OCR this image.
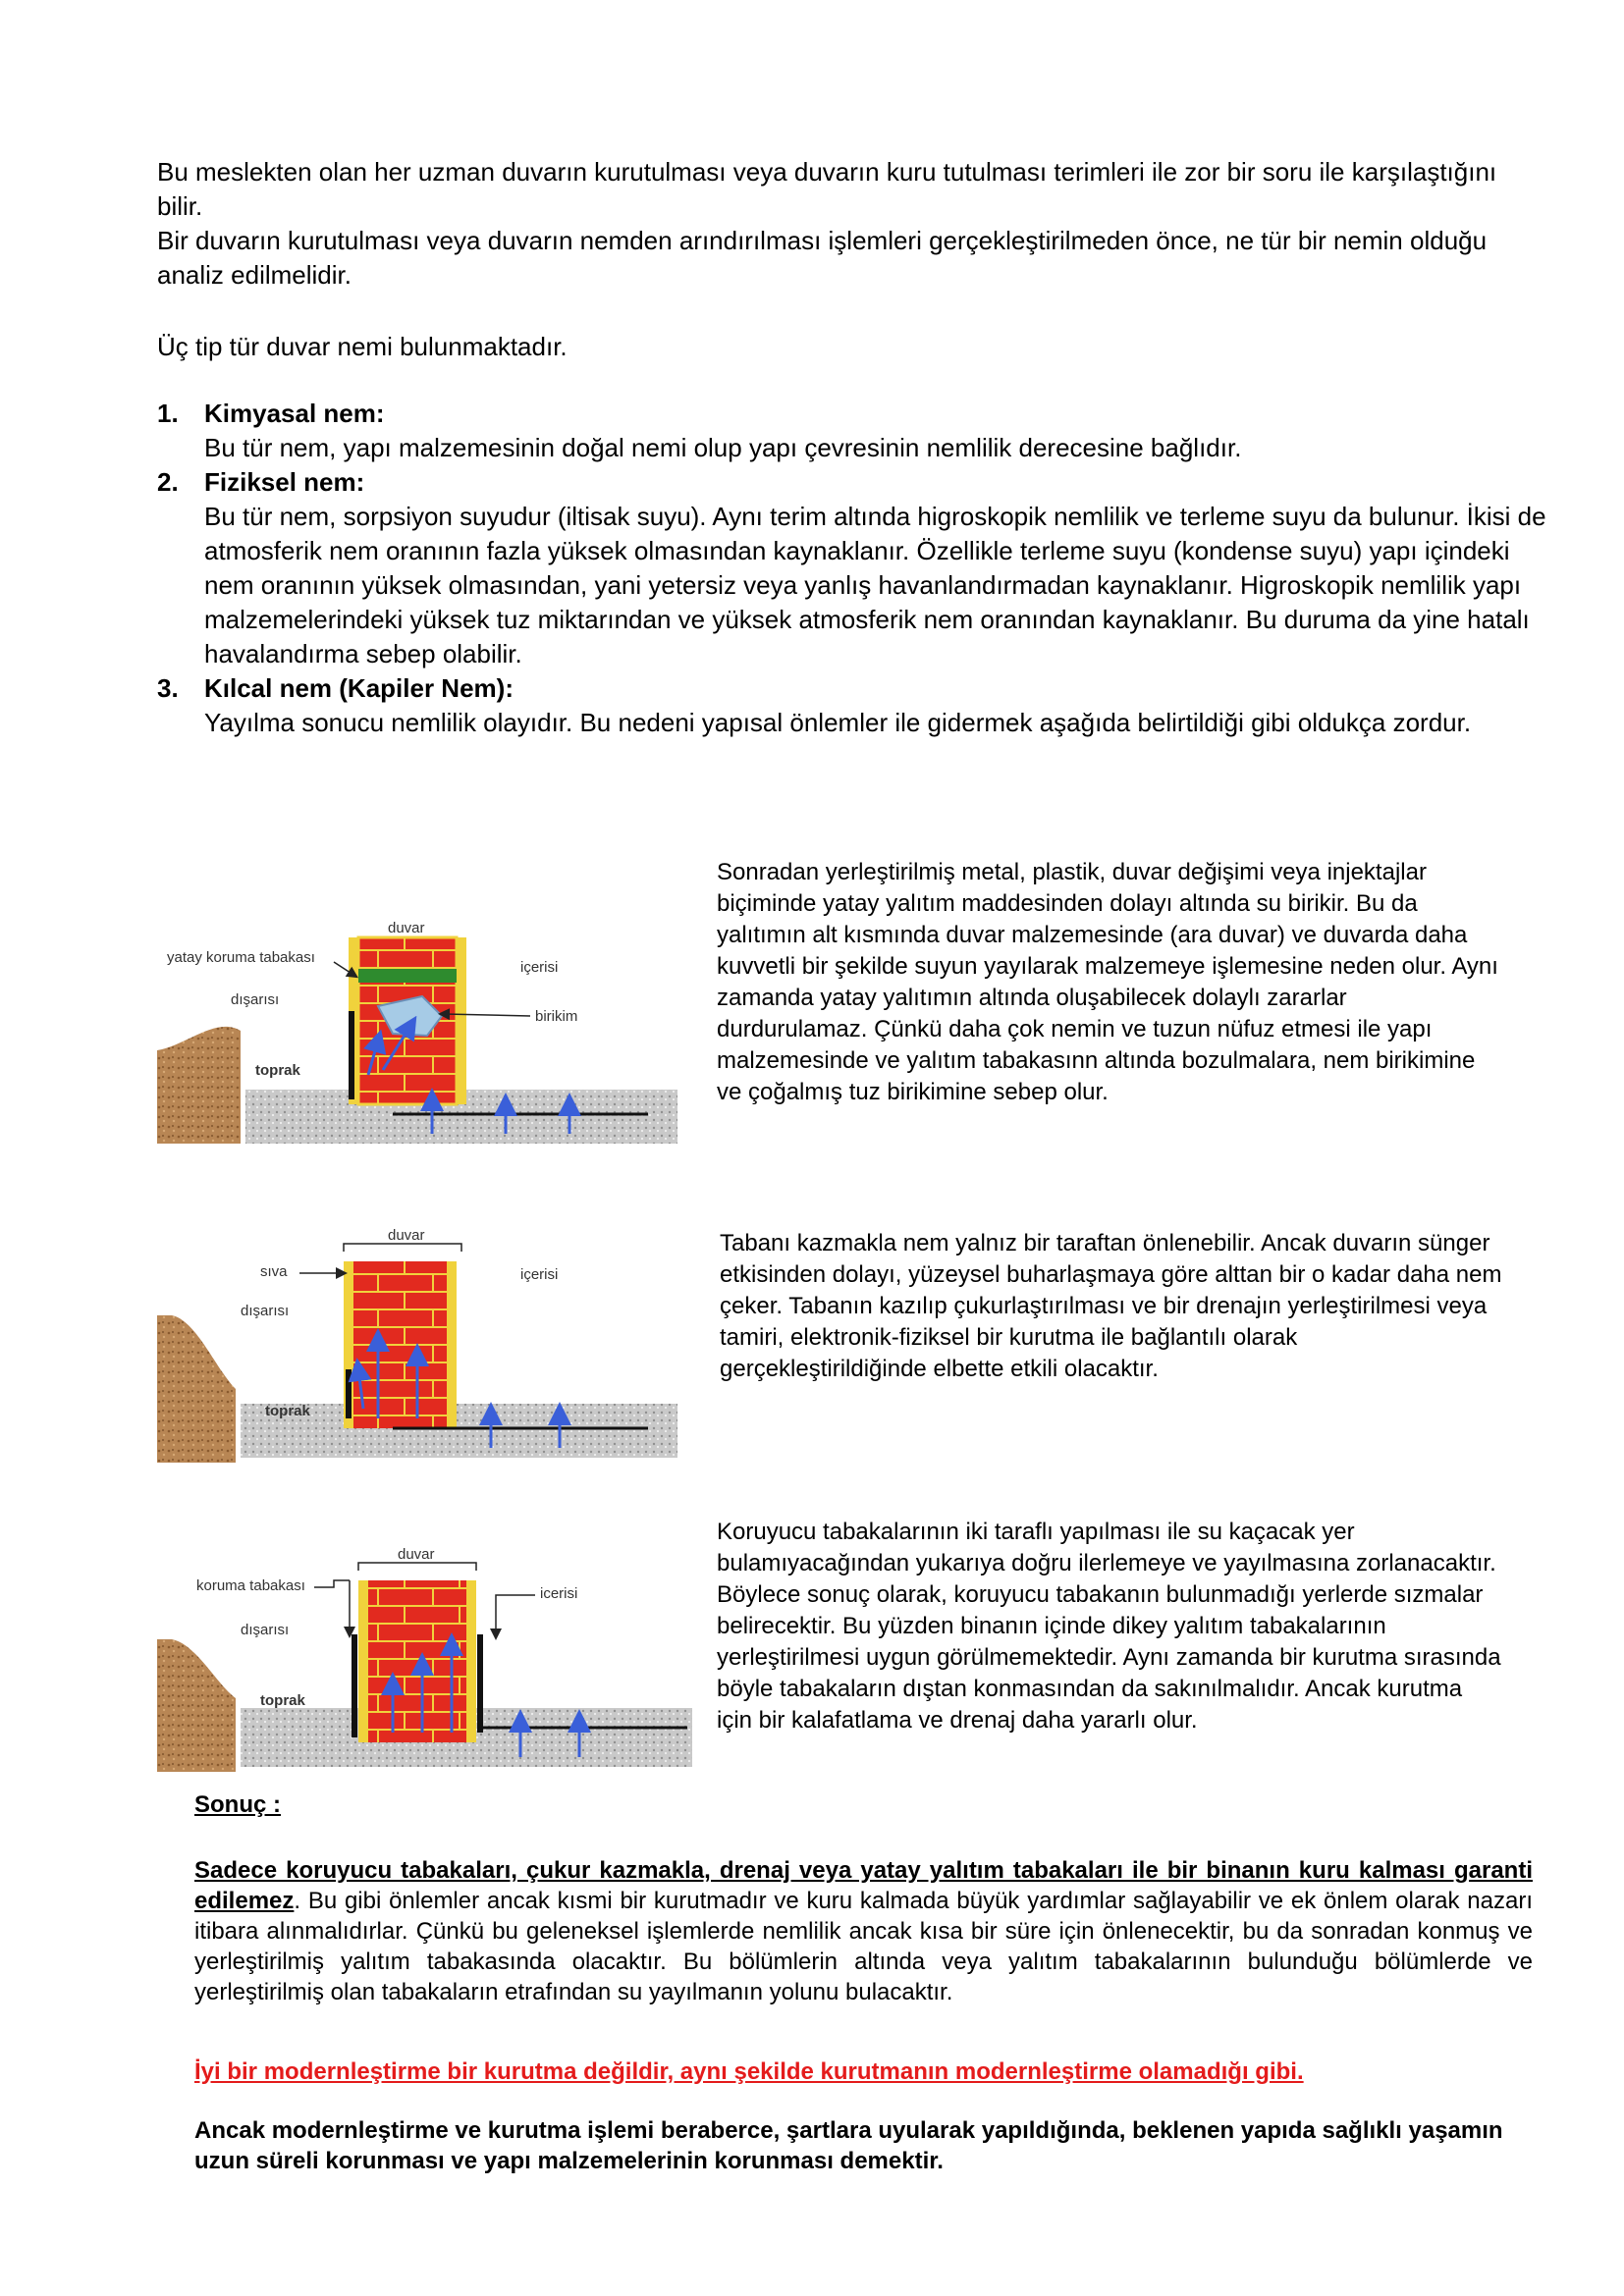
Bu meslekten olan her uzman duvarın kurutulması veya duvarın kuru tutulması terimleri ile zor bir soru ile karşılaştığını bilir.

Bir duvarın kurutulması veya duvarın nemden arındırılması işlemleri gerçekleştirilmeden önce, ne tür bir nemin olduğu analiz edilmelidir.

Üç tip tür duvar nemi bulunmaktadır.

1. Kimyasal nem:
Bu tür nem, yapı malzemesinin doğal nemi olup yapı çevresinin nemlilik derecesine bağlıdır.
2. Fiziksel nem:
Bu tür nem, sorpsiyon suyudur (iltisak suyu). Aynı terim altında higroskopik nemlilik ve terleme suyu da bulunur. İkisi de atmosferik nem oranının fazla yüksek olmasından kaynaklanır. Özellikle terleme suyu (kondense suyu) yapı içindeki nem oranının yüksek olmasından, yani yetersiz veya yanlış havanlandırmadan kaynaklanır. Higroskopik nemlilik yapı malzemelerindeki yüksek tuz miktarından ve yüksek atmosferik nem oranından kaynaklanır. Bu duruma da yine hatalı havalandırma sebep olabilir.
3. Kılcal nem (Kapiler Nem):
Yayılma sonucu nemlilik olayıdır. Bu nedeni yapısal önlemler ile gidermek aşağıda belirtildiği gibi oldukça zordur.
duvar
yatay koruma tabakası
içerisi
dışarısı
birikim
toprak
Sonradan yerleştirilmiş metal, plastik, duvar değişimi veya injektajlar biçiminde yatay yalıtım maddesinden dolayı altında su birikir. Bu da yalıtımın alt kısmında duvar malzemesinde (ara duvar) ve duvarda daha kuvvetli bir şekilde suyun yayılarak malzemeye işlemesine neden olur. Aynı zamanda yatay yalıtımın altında oluşabilecek dolaylı zararlar durdurulamaz. Çünkü daha çok nemin ve tuzun nüfuz etmesi ile yapı malzemesinde ve yalıtım tabakasınn altında bozulmalara, nem birikimine ve çoğalmış tuz birikimine sebep olur.
duvar
sıva	içerisi
dışarısı
toprak
Tabanı kazmakla nem yalnız bir taraftan önlenebilir. Ancak duvarın sünger etkisinden dolayı, yüzeysel buharlaşmaya göre alttan bir o kadar daha nem çeker. Tabanın kazılıp çukurlaştırılması ve bir drenajın yerleştirilmesi veya tamiri, elektronik-fiziksel bir kurutma ile bağlantılı olarak gerçekleştirildiğinde elbette etkili olacaktır.
duvar
koruma tabakası	icerisi
dışarısı
toprak
Koruyucu tabakalarının iki taraflı yapılması ile su kaçacak yer bulamıyacağından yukarıya doğru ilerlemeye ve yayılmasına zorlanacaktır. Böylece sonuç olarak, koruyucu tabakanın bulunmadığı yerlerde sızmalar belirecektir. Bu yüzden binanın içinde dikey yalıtım tabakalarının yerleştirilmesi uygun görülmemektedir. Aynı zamanda bir kurutma sırasında böyle tabakaların dıştan konmasından da sakınılmalıdır. Ancak kurutma için bir kalafatlama ve drenaj daha yararlı olur.

Sonuç :

Sadece koruyucu tabakaları, çukur kazmakla, drenaj veya yatay yalıtım tabakaları ile bir binanın kuru kalması garanti edilemez. Bu gibi önlemler ancak kısmi bir kurutmadır ve kuru kalmada büyük yardımlar sağlayabilir ve ek önlem olarak nazarı itibara alınmalıdırlar. Çünkü bu geleneksel işlemlerde nemlilik ancak kısa bir süre için önlenecektir, bu da sonradan konmuş ve yerleştirilmiş yalıtım tabakasında olacaktır. Bu bölümlerin altında veya yalıtım tabakalarının bulunduğu bölümlerde ve yerleştirilmiş olan tabakaların etrafından su yayılmanın yolunu bulacaktır.

İyi bir modernleştirme bir kurutma değildir, aynı şekilde kurutmanın modernleştirme olamadığı gibi.

Ancak modernleştirme ve kurutma işlemi beraberce, şartlara uyularak yapıldığında, beklenen yapıda sağlıklı yaşamın uzun süreli korunması ve yapı malzemelerinin korunması demektir.
